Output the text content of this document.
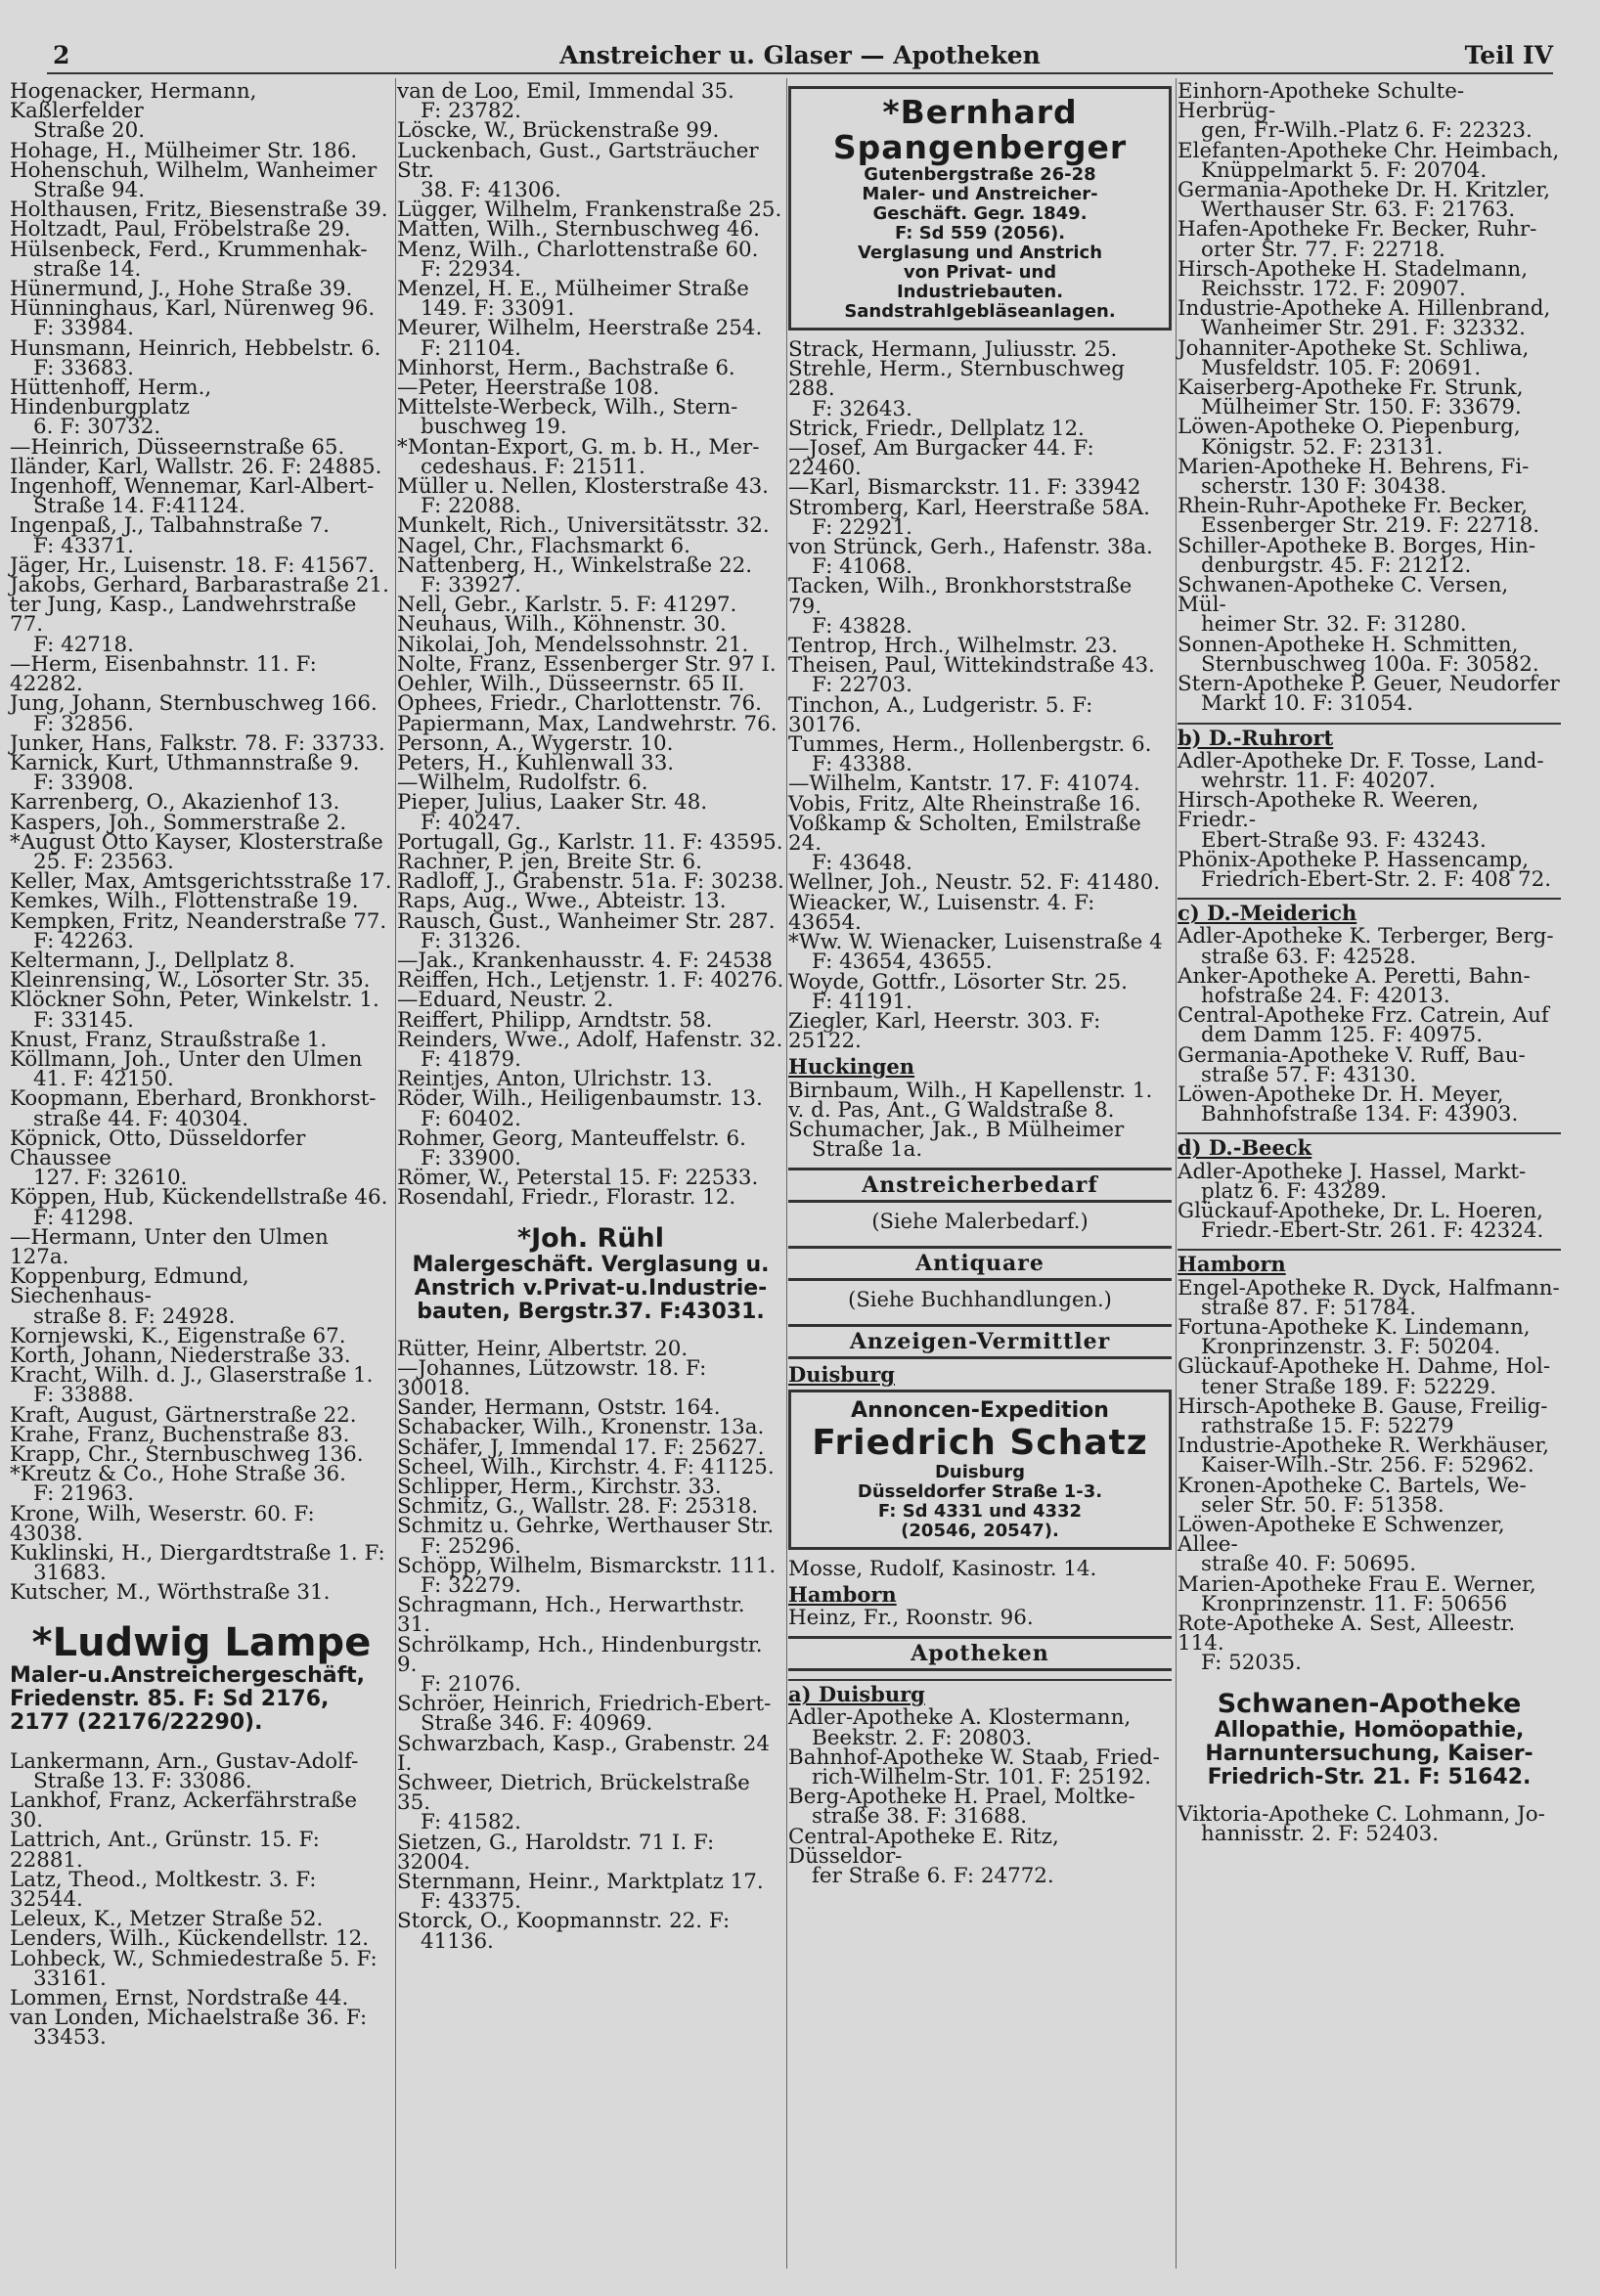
2	Anstreicher u. Glaser — Apotheken	Teil IV
Hogenacker, Hermann, Kaßlerfelder
Straße 20.
Hohage, H., Mülheimer Str. 186.
Hohenschuh, Wilhelm, Wanheimer
Straße 94.
Holthausen, Fritz, Biesenstraße 39.
Holtzadt, Paul, Fröbelstraße 29.
Hülsenbeck, Ferd., Krummenhak-
straße 14.
Hünermund, J., Hohe Straße 39.
Hünninghaus, Karl, Nürenweg 96.
F: 33984.
Hunsmann, Heinrich, Hebbelstr. 6.
F: 33683.
Hüttenhoff, Herm., Hindenburgplatz
6. F: 30732.
—Heinrich, Düsseernstraße 65.
Iländer, Karl, Wallstr. 26. F: 24885.
Ingenhoff, Wennemar, Karl-Albert-
Straße 14. F:41124.
Ingenpaß, J., Talbahnstraße 7.
F: 43371.
Jäger, Hr., Luisenstr. 18. F: 41567.
Jakobs, Gerhard, Barbarastraße 21.
ter Jung, Kasp., Landwehrstraße 77.
F: 42718.
—Herm, Eisenbahnstr. 11. F: 42282.
Jung, Johann, Sternbuschweg 166.
F: 32856.
Junker, Hans, Falkstr. 78. F: 33733.
Karnick, Kurt, Uthmannstraße 9.
F: 33908.
Karrenberg, O., Akazienhof 13.
Kaspers, Joh., Sommerstraße 2.
*August Otto Kayser, Klosterstraße
25. F: 23563.
Keller, Max, Amtsgerichtsstraße 17.
Kemkes, Wilh., Flottenstraße 19.
Kempken, Fritz, Neanderstraße 77.
F: 42263.
Keltermann, J., Dellplatz 8.
Kleinrensing, W., Lösorter Str. 35.
Klöckner Sohn, Peter, Winkelstr. 1.
F: 33145.
Knust, Franz, Straußstraße 1.
Köllmann, Joh., Unter den Ulmen
41. F: 42150.
Koopmann, Eberhard, Bronkhorst-
straße 44. F: 40304.
Köpnick, Otto, Düsseldorfer Chaussee
127. F: 32610.
Köppen, Hub, Kückendellstraße 46.
F: 41298.
—Hermann, Unter den Ulmen 127a.
Koppenburg, Edmund, Siechenhaus-
straße 8. F: 24928.
Kornjewski, K., Eigenstraße 67.
Korth, Johann, Niederstraße 33.
Kracht, Wilh. d. J., Glaserstraße 1.
F: 33888.
Kraft, August, Gärtnerstraße 22.
Krahe, Franz, Buchenstraße 83.
Krapp, Chr., Sternbuschweg 136.
*Kreutz & Co., Hohe Straße 36.
F: 21963.
Krone, Wilh, Weserstr. 60. F: 43038.
Kuklinski, H., Diergardtstraße 1. F:
31683.
Kutscher, M., Wörthstraße 31.
*Ludwig Lampe
Maler-u.Anstreichergeschäft,
Friedenstr. 85. F: Sd 2176,
2177 (22176/22290).
Lankermann, Arn., Gustav-Adolf-
Straße 13. F: 33086.
Lankhof, Franz, Ackerfährstraße 30.
Lattrich, Ant., Grünstr. 15. F: 22881.
Latz, Theod., Moltkestr. 3. F: 32544.
Leleux, K., Metzer Straße 52.
Lenders, Wilh., Kückendellstr. 12.
Lohbeck, W., Schmiedestraße 5. F:
33161.
Lommen, Ernst, Nordstraße 44.
van Londen, Michaelstraße 36. F:
33453.
van de Loo, Emil, Immendal 35.
F: 23782.
Löscke, W., Brückenstraße 99.
Luckenbach, Gust., Gartsträucher Str.
38. F: 41306.
Lügger, Wilhelm, Frankenstraße 25.
Matten, Wilh., Sternbuschweg 46.
Menz, Wilh., Charlottenstraße 60.
F: 22934.
Menzel, H. E., Mülheimer Straße
149. F: 33091.
Meurer, Wilhelm, Heerstraße 254.
F: 21104.
Minhorst, Herm., Bachstraße 6.
—Peter, Heerstraße 108.
Mittelste-Werbeck, Wilh., Stern-
buschweg 19.
*Montan-Export, G. m. b. H., Mer-
cedeshaus. F: 21511.
Müller u. Nellen, Klosterstraße 43.
F: 22088.
Munkelt, Rich., Universitätsstr. 32.
Nagel, Chr., Flachsmarkt 6.
Nattenberg, H., Winkelstraße 22.
F: 33927.
Nell, Gebr., Karlstr. 5. F: 41297.
Neuhaus, Wilh., Köhnenstr. 30.
Nikolai, Joh, Mendelssohnstr. 21.
Nolte, Franz, Essenberger Str. 97 I.
Oehler, Wilh., Düsseernstr. 65 II.
Ophees, Friedr., Charlottenstr. 76.
Papiermann, Max, Landwehrstr. 76.
Personn, A., Wygerstr. 10.
Peters, H., Kuhlenwall 33.
—Wilhelm, Rudolfstr. 6.
Pieper, Julius, Laaker Str. 48.
F: 40247.
Portugall, Gg., Karlstr. 11. F: 43595.
Rachner, P. jen, Breite Str. 6.
Radloff, J., Grabenstr. 51a. F: 30238.
Raps, Aug., Wwe., Abteistr. 13.
Rausch, Gust., Wanheimer Str. 287.
F: 31326.
—Jak., Krankenhausstr. 4. F: 24538
Reiffen, Hch., Letjenstr. 1. F: 40276.
—Eduard, Neustr. 2.
Reiffert, Philipp, Arndtstr. 58.
Reinders, Wwe., Adolf, Hafenstr. 32.
F: 41879.
Reintjes, Anton, Ulrichstr. 13.
Röder, Wilh., Heiligenbaumstr. 13.
F: 60402.
Rohmer, Georg, Manteuffelstr. 6.
F: 33900.
Römer, W., Peterstal 15. F: 22533.
Rosendahl, Friedr., Florastr. 12.
*Joh. Rühl
Malergeschäft. Verglasung u.
Anstrich v.Privat-u.Industrie-
bauten, Bergstr.37. F:43031.
Rütter, Heinr, Albertstr. 20.
—Johannes, Lützowstr. 18. F: 30018.
Sander, Hermann, Oststr. 164.
Schabacker, Wilh., Kronenstr. 13a.
Schäfer, J, Immendal 17. F: 25627.
Scheel, Wilh., Kirchstr. 4. F: 41125.
Schlipper, Herm., Kirchstr. 33.
Schmitz, G., Wallstr. 28. F: 25318.
Schmitz u. Gehrke, Werthauser Str.
F: 25296.
Schöpp, Wilhelm, Bismarckstr. 111.
F: 32279.
Schragmann, Hch., Herwarthstr. 31.
Schrölkamp, Hch., Hindenburgstr. 9.
F: 21076.
Schröer, Heinrich, Friedrich-Ebert-
Straße 346. F: 40969.
Schwarzbach, Kasp., Grabenstr. 24 I.
Schweer, Dietrich, Brückelstraße 35.
F: 41582.
Sietzen, G., Haroldstr. 71 I. F: 32004.
Sternmann, Heinr., Marktplatz 17.
F: 43375.
Storck, O., Koopmannstr. 22. F:
41136.
*Bernhard
Spangenberger
Gutenbergstraße 26-28
Maler- und Anstreicher-
Geschäft. Gegr. 1849.
F: Sd 559 (2056).
Verglasung und Anstrich
von Privat- und
Industriebauten.
Sandstrahlgebläseanlagen.
Strack, Hermann, Juliusstr. 25.
Strehle, Herm., Sternbuschweg 288.
F: 32643.
Strick, Friedr., Dellplatz 12.
—Josef, Am Burgacker 44. F: 22460.
—Karl, Bismarckstr. 11. F: 33942
Stromberg, Karl, Heerstraße 58A.
F: 22921.
von Strünck, Gerh., Hafenstr. 38a.
F: 41068.
Tacken, Wilh., Bronkhorststraße 79.
F: 43828.
Tentrop, Hrch., Wilhelmstr. 23.
Theisen, Paul, Wittekindstraße 43.
F: 22703.
Tinchon, A., Ludgeristr. 5. F: 30176.
Tummes, Herm., Hollenbergstr. 6.
F: 43388.
—Wilhelm, Kantstr. 17. F: 41074.
Vobis, Fritz, Alte Rheinstraße 16.
Voßkamp & Scholten, Emilstraße 24.
F: 43648.
Wellner, Joh., Neustr. 52. F: 41480.
Wieacker, W., Luisenstr. 4. F: 43654.
*Ww. W. Wienacker, Luisenstraße 4
F: 43654, 43655.
Woyde, Gottfr., Lösorter Str. 25.
F: 41191.
Ziegler, Karl, Heerstr. 303. F: 25122.
Huckingen
Birnbaum, Wilh., H Kapellenstr. 1.
v. d. Pas, Ant., G Waldstraße 8.
Schumacher, Jak., B Mülheimer
Straße 1a.
Anstreicherbedarf
(Siehe Malerbedarf.)
Antiquare
(Siehe Buchhandlungen.)
Anzeigen-Vermittler
Duisburg
Annoncen-Expedition
Friedrich Schatz
Duisburg
Düsseldorfer Straße 1-3.
F: Sd 4331 und 4332
(20546, 20547).
Mosse, Rudolf, Kasinostr. 14.
Hamborn
Heinz, Fr., Roonstr. 96.
Apotheken
a) Duisburg
Adler-Apotheke A. Klostermann,
Beekstr. 2. F: 20803.
Bahnhof-Apotheke W. Staab, Fried-
rich-Wilhelm-Str. 101. F: 25192.
Berg-Apotheke H. Prael, Moltke-
straße 38. F: 31688.
Central-Apotheke E. Ritz, Düsseldor-
fer Straße 6. F: 24772.
Einhorn-Apotheke Schulte-Herbrüg-
gen, Fr-Wilh.-Platz 6. F: 22323.
Elefanten-Apotheke Chr. Heimbach,
Knüppelmarkt 5. F: 20704.
Germania-Apotheke Dr. H. Kritzler,
Werthauser Str. 63. F: 21763.
Hafen-Apotheke Fr. Becker, Ruhr-
orter Str. 77. F: 22718.
Hirsch-Apotheke H. Stadelmann,
Reichsstr. 172. F: 20907.
Industrie-Apotheke A. Hillenbrand,
Wanheimer Str. 291. F: 32332.
Johanniter-Apotheke St. Schliwa,
Musfeldstr. 105. F: 20691.
Kaiserberg-Apotheke Fr. Strunk,
Mülheimer Str. 150. F: 33679.
Löwen-Apotheke O. Piepenburg,
Königstr. 52. F: 23131.
Marien-Apotheke H. Behrens, Fi-
scherstr. 130 F: 30438.
Rhein-Ruhr-Apotheke Fr. Becker,
Essenberger Str. 219. F: 22718.
Schiller-Apotheke B. Borges, Hin-
denburgstr. 45. F: 21212.
Schwanen-Apotheke C. Versen, Mül-
heimer Str. 32. F: 31280.
Sonnen-Apotheke H. Schmitten,
Sternbuschweg 100a. F: 30582.
Stern-Apotheke P. Geuer, Neudorfer
Markt 10. F: 31054.
b) D.-Ruhrort
Adler-Apotheke Dr. F. Tosse, Land-
wehrstr. 11. F: 40207.
Hirsch-Apotheke R. Weeren, Friedr.-
Ebert-Straße 93. F: 43243.
Phönix-Apotheke P. Hassencamp,
Friedrich-Ebert-Str. 2. F: 408 72.
c) D.-Meiderich
Adler-Apotheke K. Terberger, Berg-
straße 63. F: 42528.
Anker-Apotheke A. Peretti, Bahn-
hofstraße 24. F: 42013.
Central-Apotheke Frz. Catrein, Auf
dem Damm 125. F: 40975.
Germania-Apotheke V. Ruff, Bau-
straße 57. F: 43130.
Löwen-Apotheke Dr. H. Meyer,
Bahnhofstraße 134. F: 43903.
d) D.-Beeck
Adler-Apotheke J. Hassel, Markt-
platz 6. F: 43289.
Glückauf-Apotheke, Dr. L. Hoeren,
Friedr.-Ebert-Str. 261. F: 42324.
Hamborn
Engel-Apotheke R. Dyck, Halfmann-
straße 87. F: 51784.
Fortuna-Apotheke K. Lindemann,
Kronprinzenstr. 3. F: 50204.
Glückauf-Apotheke H. Dahme, Hol-
tener Straße 189. F: 52229.
Hirsch-Apotheke B. Gause, Freilig-
rathstraße 15. F: 52279
Industrie-Apotheke R. Werkhäuser,
Kaiser-Wilh.-Str. 256. F: 52962.
Kronen-Apotheke C. Bartels, We-
seler Str. 50. F: 51358.
Löwen-Apotheke E Schwenzer, Allee-
straße 40. F: 50695.
Marien-Apotheke Frau E. Werner,
Kronprinzenstr. 11. F: 50656
Rote-Apotheke A. Sest, Alleestr. 114.
F: 52035.
Schwanen-Apotheke
Allopathie, Homöopathie,
Harnuntersuchung, Kaiser-
Friedrich-Str. 21. F: 51642.
Viktoria-Apotheke C. Lohmann, Jo-
hannisstr. 2. F: 52403.
